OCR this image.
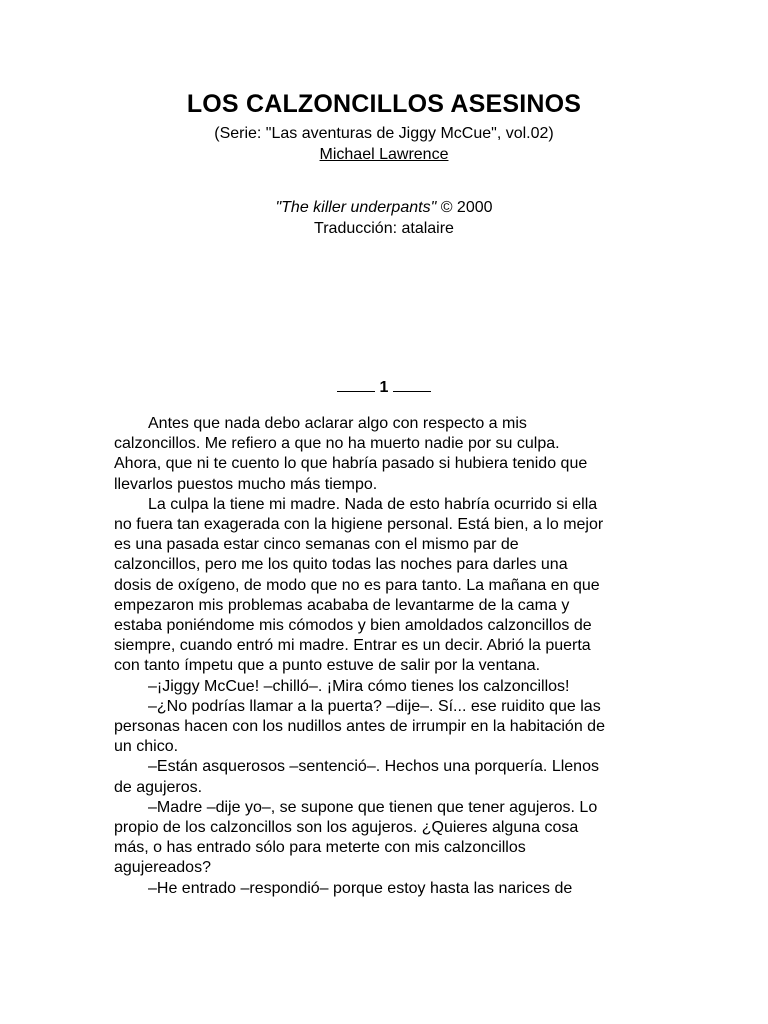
LOS CALZONCILLOS ASESINOS
(Serie: "Las aventuras de Jiggy McCue", vol.02)
Michael Lawrence
"The killer underpants" © 2000
Traducción: atalaire
1

Antes que nada debo aclarar algo con respecto a mis
calzoncillos. Me refiero a que no ha muerto nadie por su culpa.
Ahora, que ni te cuento lo que habría pasado si hubiera tenido que
llevarlos puestos mucho más tiempo.

La culpa la tiene mi madre. Nada de esto habría ocurrido si ella
no fuera tan exagerada con la higiene personal. Está bien, a lo mejor
es una pasada estar cinco semanas con el mismo par de
calzoncillos, pero me los quito todas las noches para darles una
dosis de oxígeno, de modo que no es para tanto. La mañana en que
empezaron mis problemas acababa de levantarme de la cama y
estaba poniéndome mis cómodos y bien amoldados calzoncillos de
siempre, cuando entró mi madre. Entrar es un decir. Abrió la puerta
con tanto ímpetu que a punto estuve de salir por la ventana.

–¡Jiggy McCue! –chilló–. ¡Mira cómo tienes los calzoncillos!

–¿No podrías llamar a la puerta? –dije–. Sí... ese ruidito que las
personas hacen con los nudillos antes de irrumpir en la habitación de
un chico.

–Están asquerosos –sentenció–. Hechos una porquería. Llenos
de agujeros.

–Madre –dije yo–, se supone que tienen que tener agujeros. Lo
propio de los calzoncillos son los agujeros. ¿Quieres alguna cosa
más, o has entrado sólo para meterte con mis calzoncillos
agujereados?

–He entrado –respondió– porque estoy hasta las narices de
